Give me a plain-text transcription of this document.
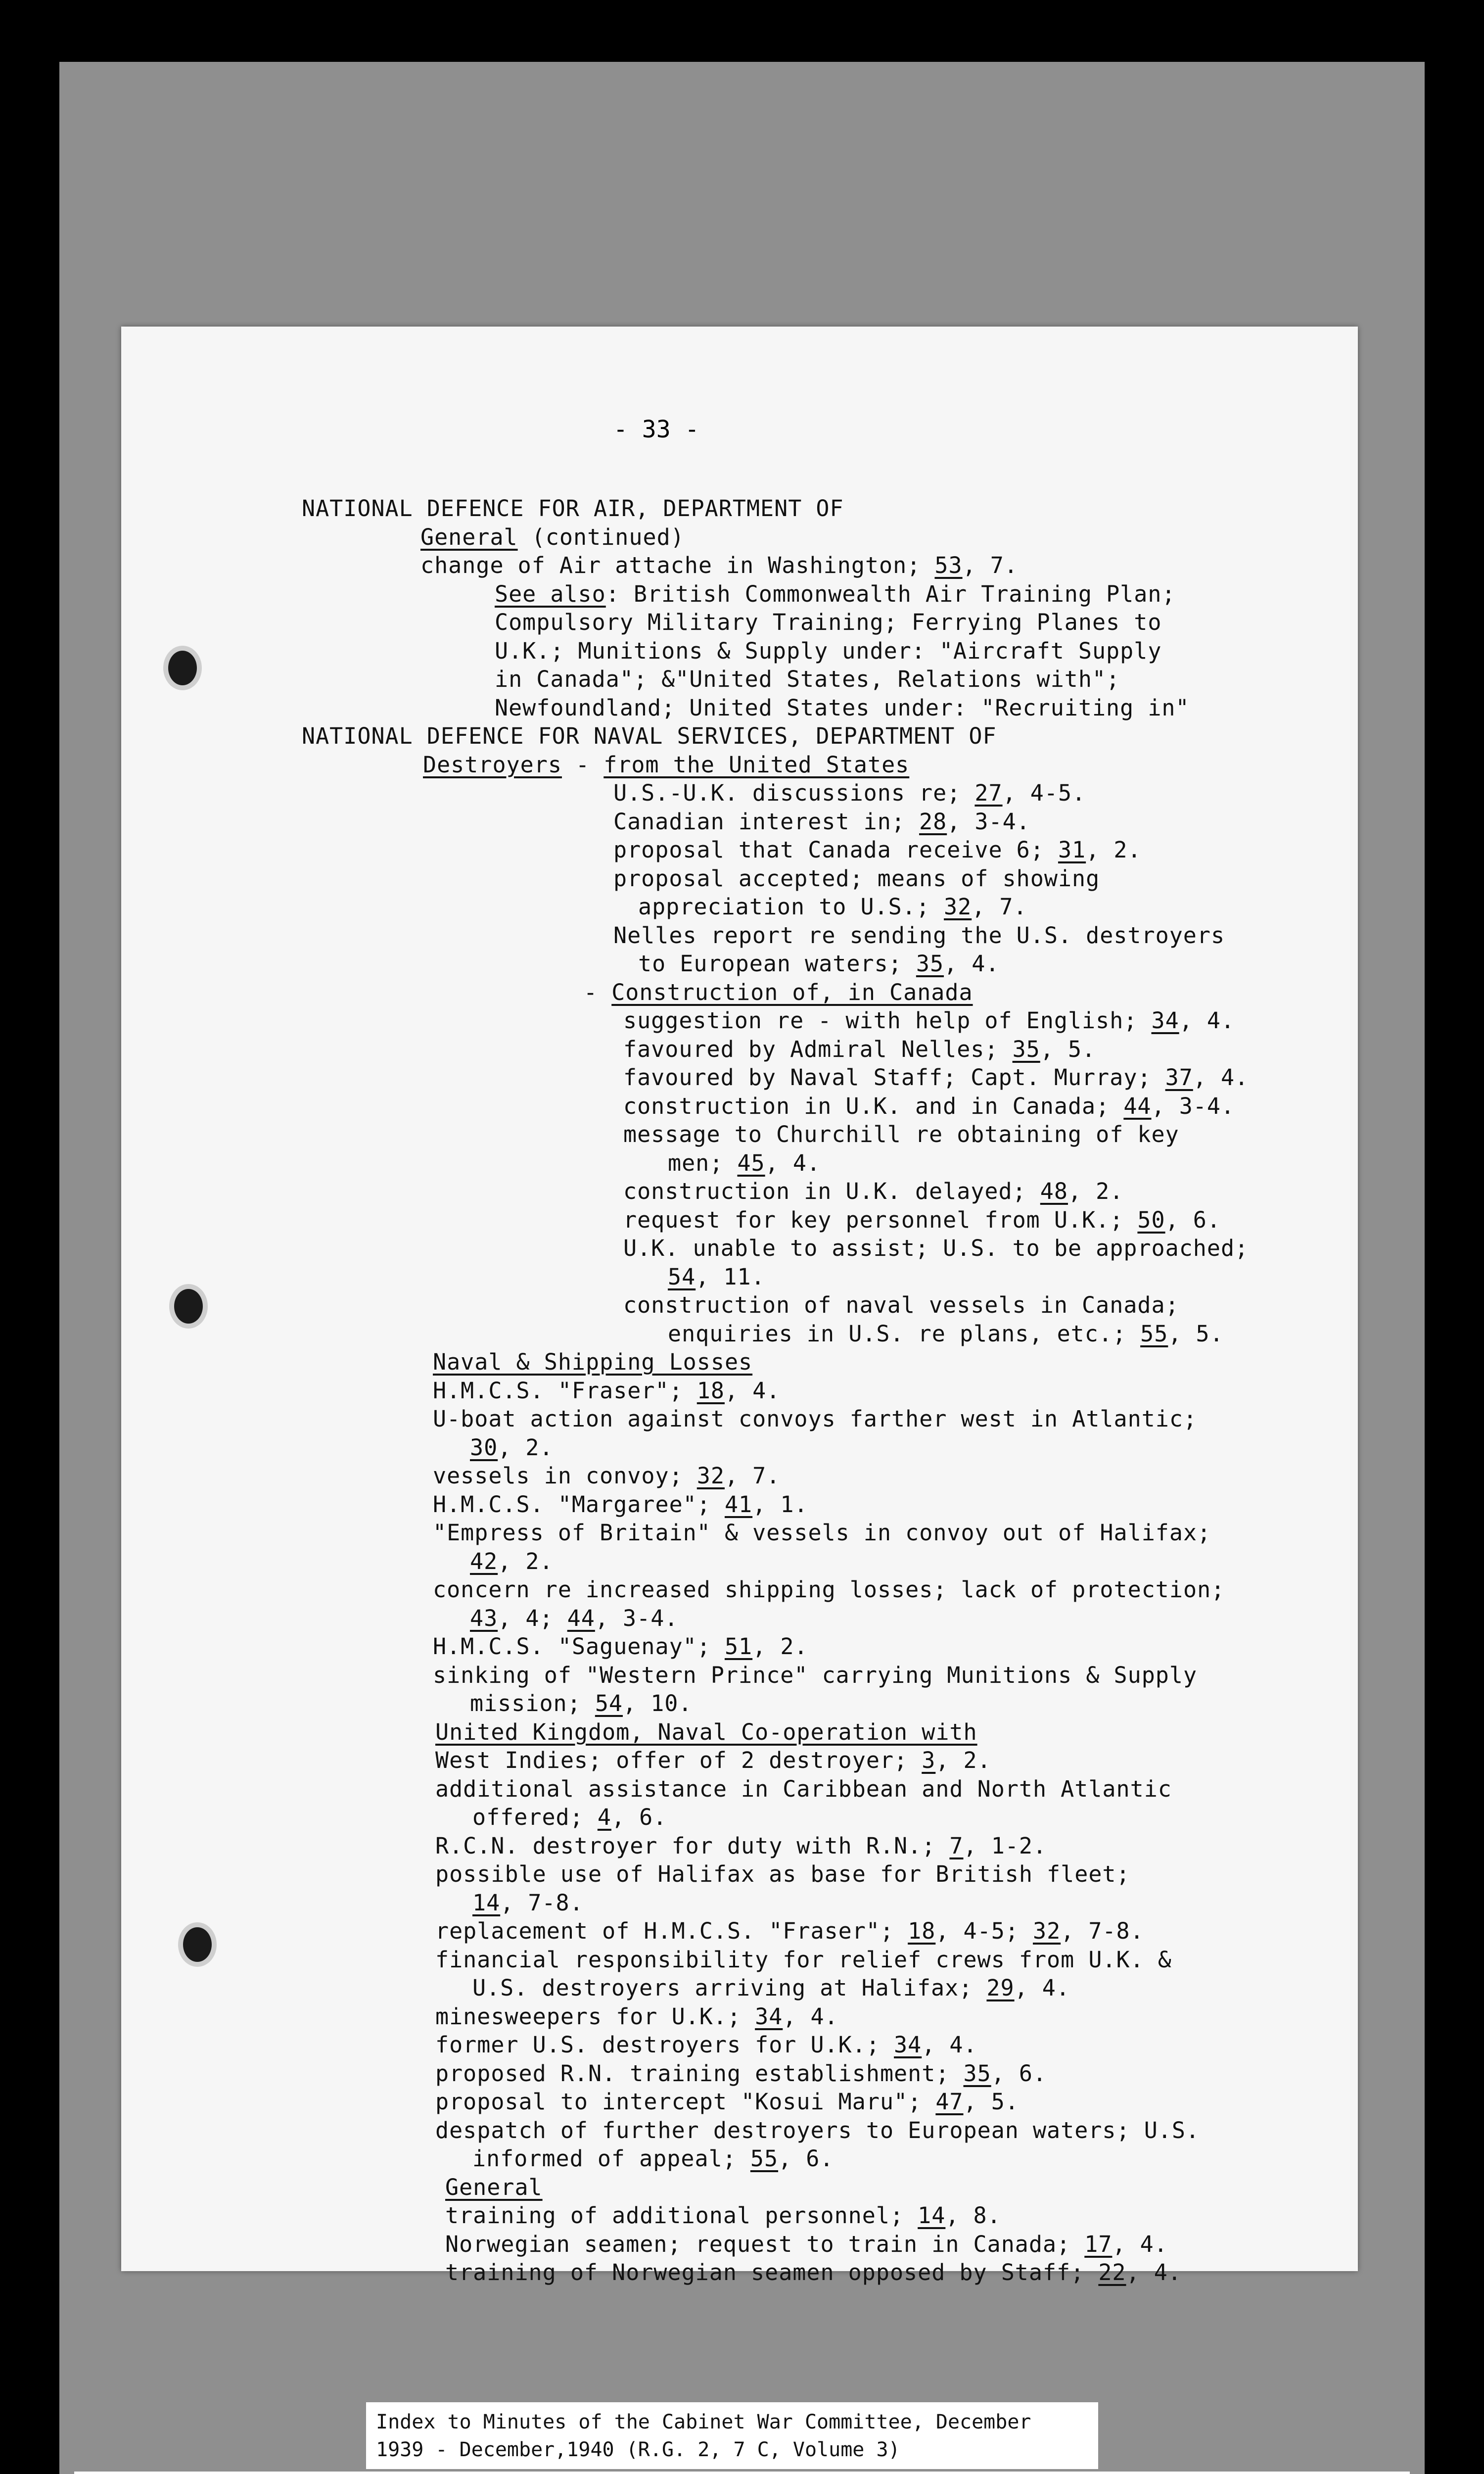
- 33 -
NATIONAL DEFENCE FOR AIR, DEPARTMENT OF
General (continued)
change of Air attache in Washington; 53, 7.
See also: British Commonwealth Air Training Plan;
Compulsory Military Training; Ferrying Planes to
U.K.; Munitions & Supply under: "Aircraft Supply
in Canada"; &"United States, Relations with";
Newfoundland; United States under: "Recruiting in"
NATIONAL DEFENCE FOR NAVAL SERVICES, DEPARTMENT OF
Destroyers - from the United States
U.S.-U.K. discussions re; 27, 4-5.
Canadian interest in; 28, 3-4.
proposal that Canada receive 6; 31, 2.
proposal accepted; means of showing
appreciation to U.S.; 32, 7.
Nelles report re sending the U.S. destroyers
to European waters; 35, 4.
- Construction of, in Canada
suggestion re - with help of English; 34, 4.
favoured by Admiral Nelles; 35, 5.
favoured by Naval Staff; Capt. Murray; 37, 4.
construction in U.K. and in Canada; 44, 3-4.
message to Churchill re obtaining of key
men; 45, 4.
construction in U.K. delayed; 48, 2.
request for key personnel from U.K.; 50, 6.
U.K. unable to assist; U.S. to be approached;
54, 11.
construction of naval vessels in Canada;
enquiries in U.S. re plans, etc.; 55, 5.
Naval & Shipping Losses
H.M.C.S. "Fraser"; 18, 4.
U-boat action against convoys farther west in Atlantic;
30, 2.
vessels in convoy; 32, 7.
H.M.C.S. "Margaree"; 41, 1.
"Empress of Britain" & vessels in convoy out of Halifax;
42, 2.
concern re increased shipping losses; lack of protection;
43, 4; 44, 3-4.
H.M.C.S. "Saguenay"; 51, 2.
sinking of "Western Prince" carrying Munitions & Supply
mission; 54, 10.
United Kingdom, Naval Co-operation with
West Indies; offer of 2 destroyer; 3, 2.
additional assistance in Caribbean and North Atlantic
offered; 4, 6.
R.C.N. destroyer for duty with R.N.; 7, 1-2.
possible use of Halifax as base for British fleet;
14, 7-8.
replacement of H.M.C.S. "Fraser"; 18, 4-5; 32, 7-8.
financial responsibility for relief crews from U.K. &
U.S. destroyers arriving at Halifax; 29, 4.
minesweepers for U.K.; 34, 4.
former U.S. destroyers for U.K.; 34, 4.
proposed R.N. training establishment; 35, 6.
proposal to intercept "Kosui Maru"; 47, 5.
despatch of further destroyers to European waters; U.S.
informed of appeal; 55, 6.
General
training of additional personnel; 14, 8.
Norwegian seamen; request to train in Canada; 17, 4.
training of Norwegian seamen opposed by Staff; 22, 4.
Index to Minutes of the Cabinet War Committee, December
1939 - December,1940 (R.G. 2, 7 C, Volume 3)
